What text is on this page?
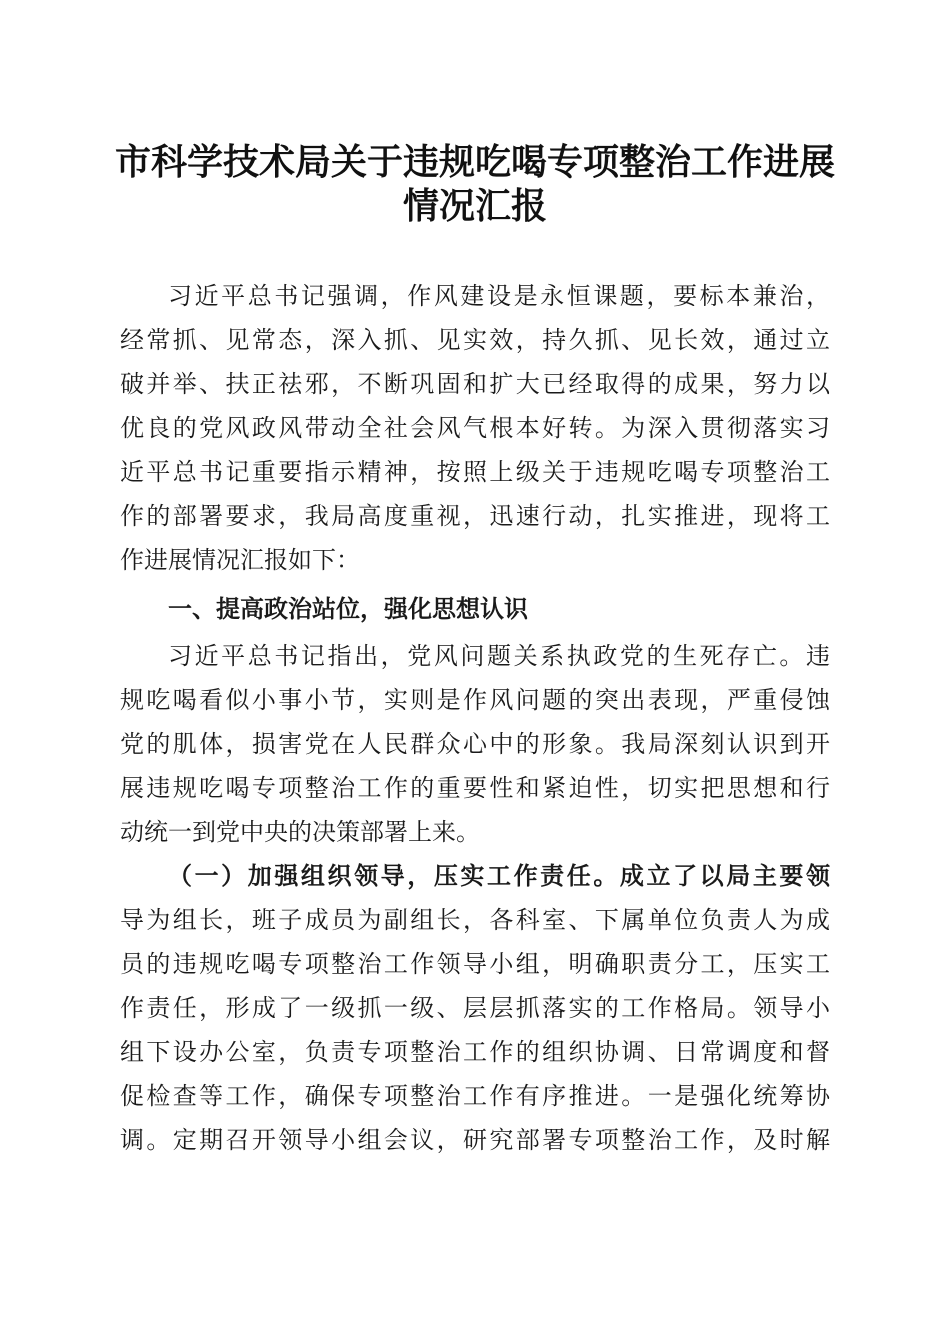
市科学技术局关于违规吃喝专项整治工作进展
情况汇报

习近平总书记强调，作风建设是永恒课题，要标本兼治，

经常抓、见常态，深入抓、见实效，持久抓、见长效，通过立

破并举、扶正祛邪，不断巩固和扩大已经取得的成果，努力以

优良的党风政风带动全社会风气根本好转。为深入贯彻落实习

近平总书记重要指示精神，按照上级关于违规吃喝专项整治工

作的部署要求，我局高度重视，迅速行动，扎实推进，现将工

作进展情况汇报如下：

一、提高政治站位，强化思想认识

习近平总书记指出，党风问题关系执政党的生死存亡。违

规吃喝看似小事小节，实则是作风问题的突出表现，严重侵蚀

党的肌体，损害党在人民群众心中的形象。我局深刻认识到开

展违规吃喝专项整治工作的重要性和紧迫性，切实把思想和行

动统一到党中央的决策部署上来。

（一）加强组织领导，压实工作责任。成立了以局主要领

导为组长，班子成员为副组长，各科室、下属单位负责人为成

员的违规吃喝专项整治工作领导小组，明确职责分工，压实工

作责任，形成了一级抓一级、层层抓落实的工作格局。领导小

组下设办公室，负责专项整治工作的组织协调、日常调度和督

促检查等工作，确保专项整治工作有序推进。一是强化统筹协

调。定期召开领导小组会议，研究部署专项整治工作，及时解
